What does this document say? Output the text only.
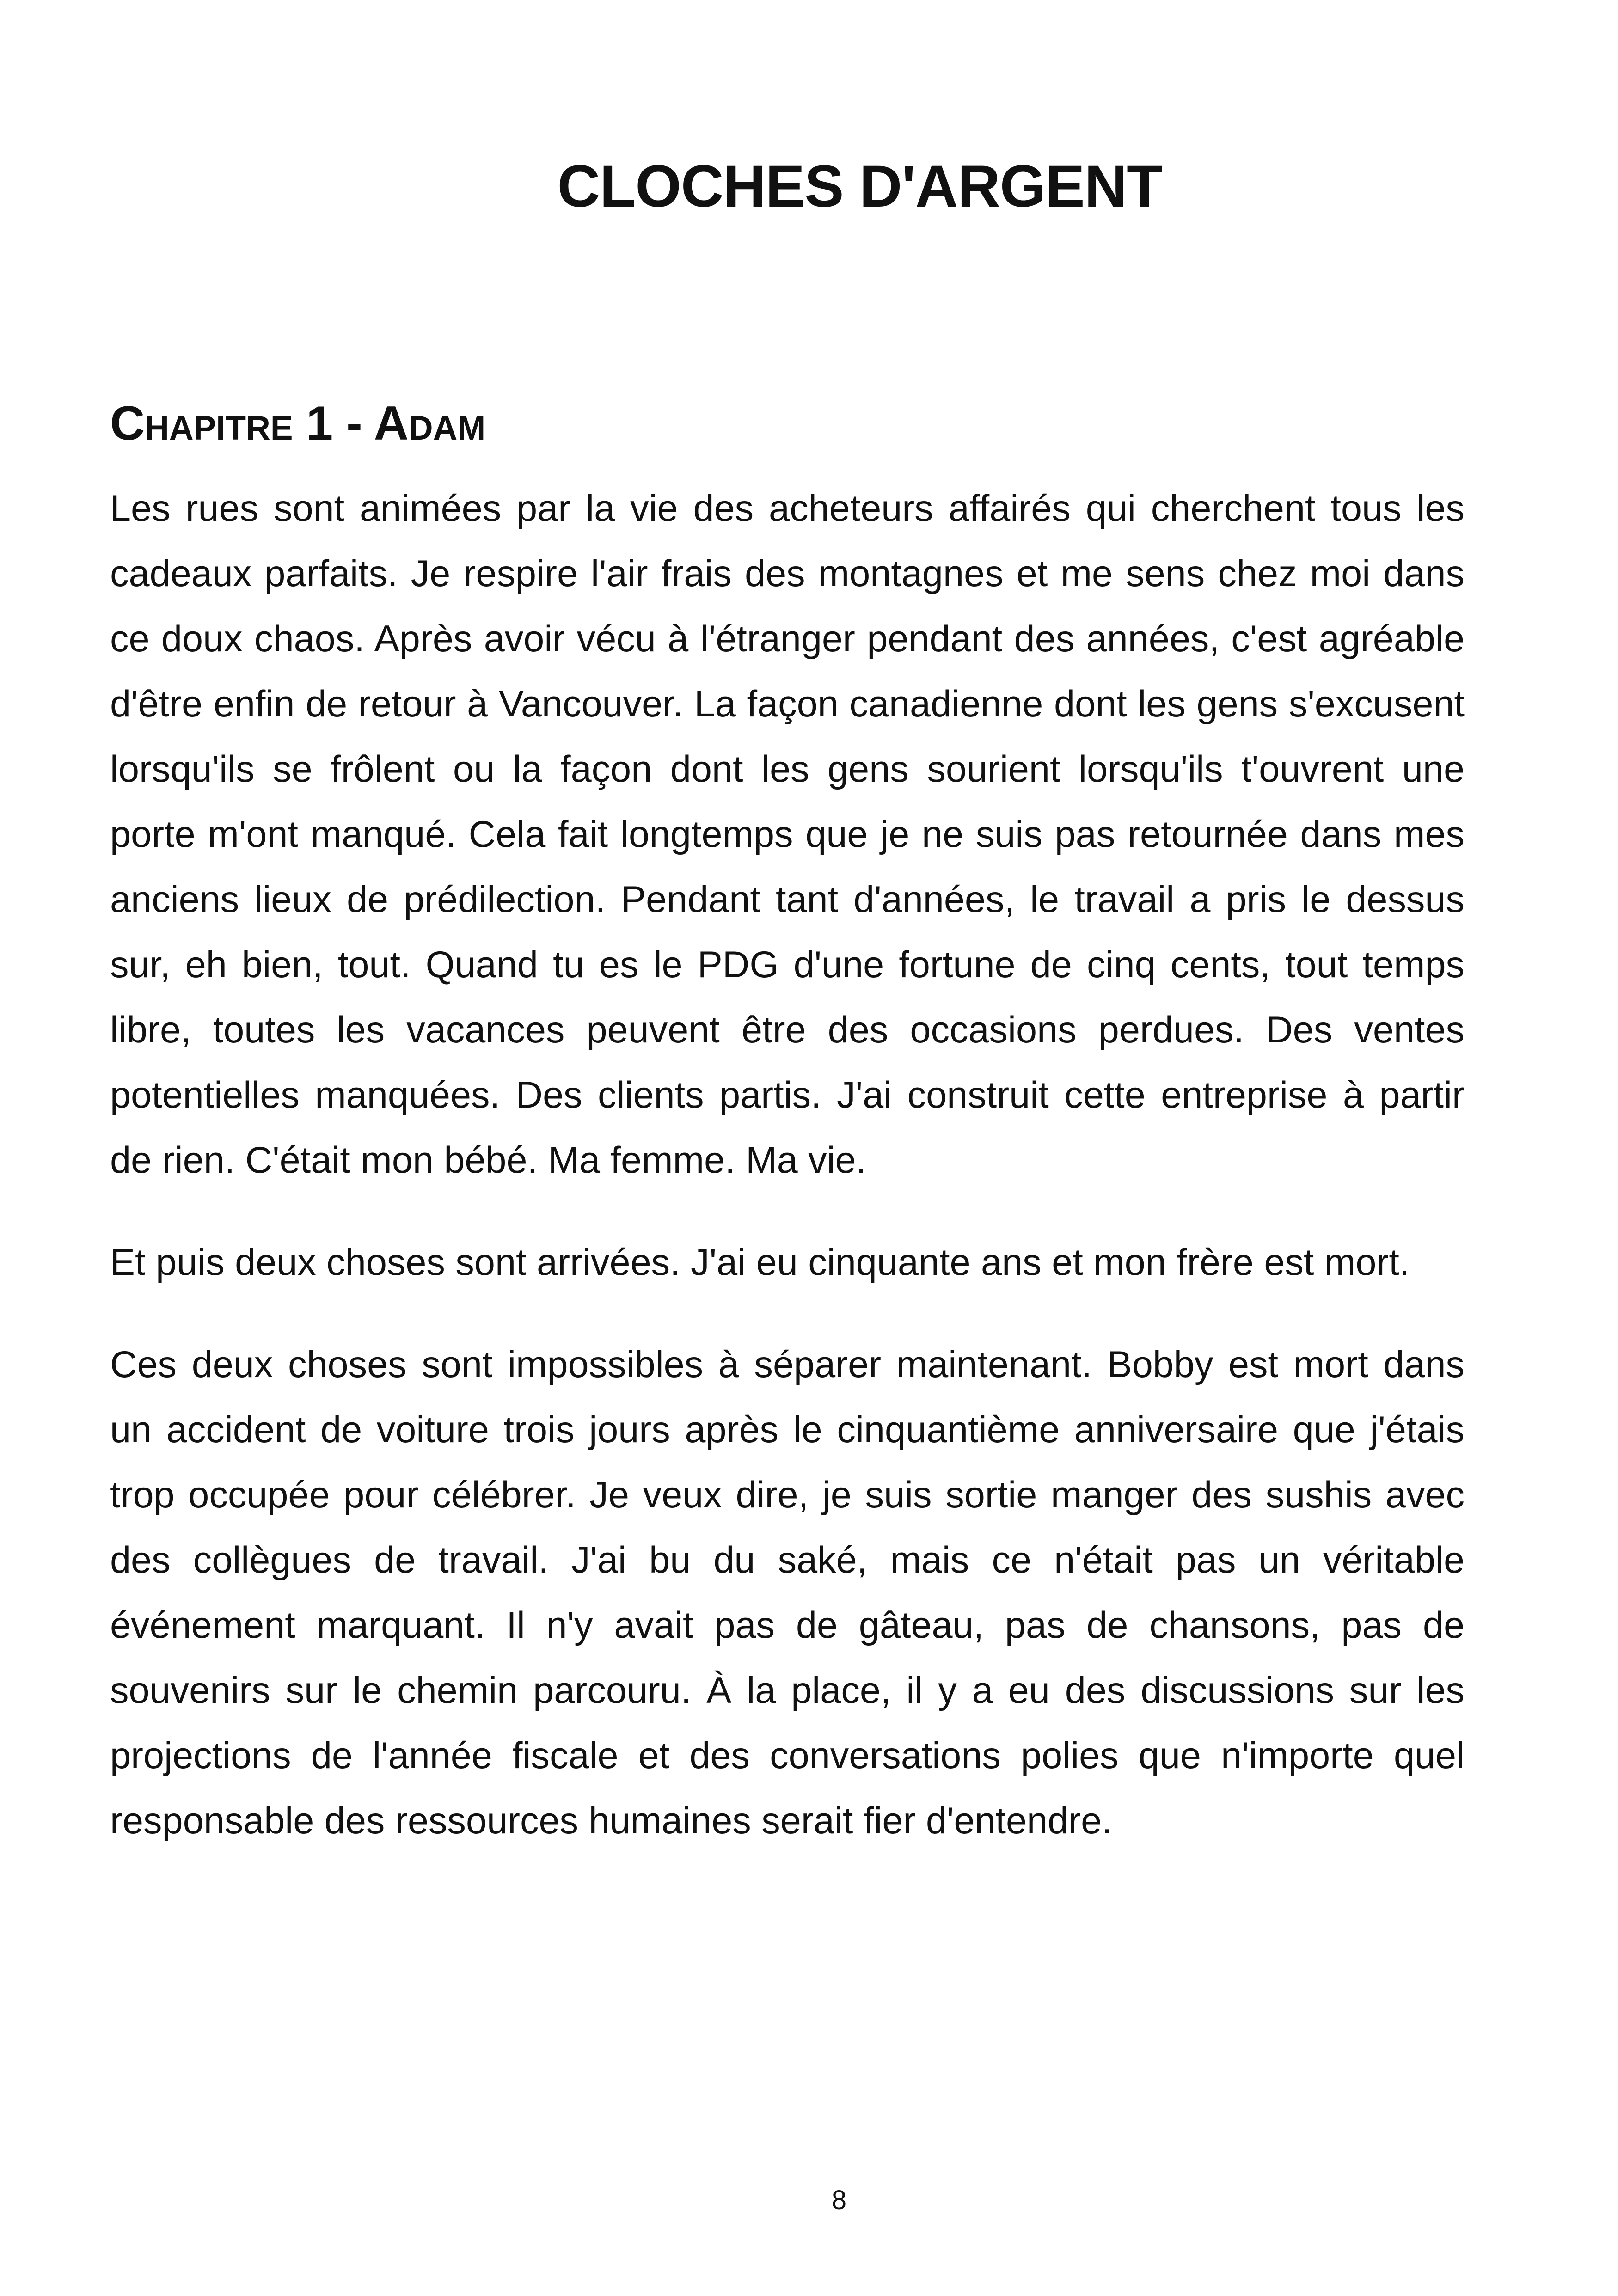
CLOCHES D'ARGENT
Chapitre 1 - Adam

Les rues sont animées par la vie des acheteurs affairés qui cherchent tous les cadeaux parfaits. Je respire l'air frais des montagnes et me sens chez moi dans ce doux chaos. Après avoir vécu à l'étranger pendant des années, c'est agréable d'être enfin de retour à Vancouver. La façon canadienne dont les gens s'excusent lorsqu'ils se frôlent ou la façon dont les gens sourient lorsqu'ils t'ouvrent une porte m'ont manqué. Cela fait longtemps que je ne suis pas retournée dans mes anciens lieux de prédilection. Pendant tant d'années, le travail a pris le dessus sur, eh bien, tout. Quand tu es le PDG d'une fortune de cinq cents, tout temps libre, toutes les vacances peuvent être des occasions perdues. Des ventes potentielles manquées. Des clients partis. J'ai construit cette entreprise à partir de rien. C'était mon bébé. Ma femme. Ma vie.

Et puis deux choses sont arrivées. J'ai eu cinquante ans et mon frère est mort.

Ces deux choses sont impossibles à séparer maintenant. Bobby est mort dans un accident de voiture trois jours après le cinquantième anniversaire que j'étais trop occupée pour célébrer. Je veux dire, je suis sortie manger des sushis avec des collègues de travail. J'ai bu du saké, mais ce n'était pas un véritable événement marquant. Il n'y avait pas de gâteau, pas de chansons, pas de souvenirs sur le chemin parcouru. À la place, il y a eu des discussions sur les projections de l'année fiscale et des conversations polies que n'importe quel responsable des ressources humaines serait fier d'entendre.

8
